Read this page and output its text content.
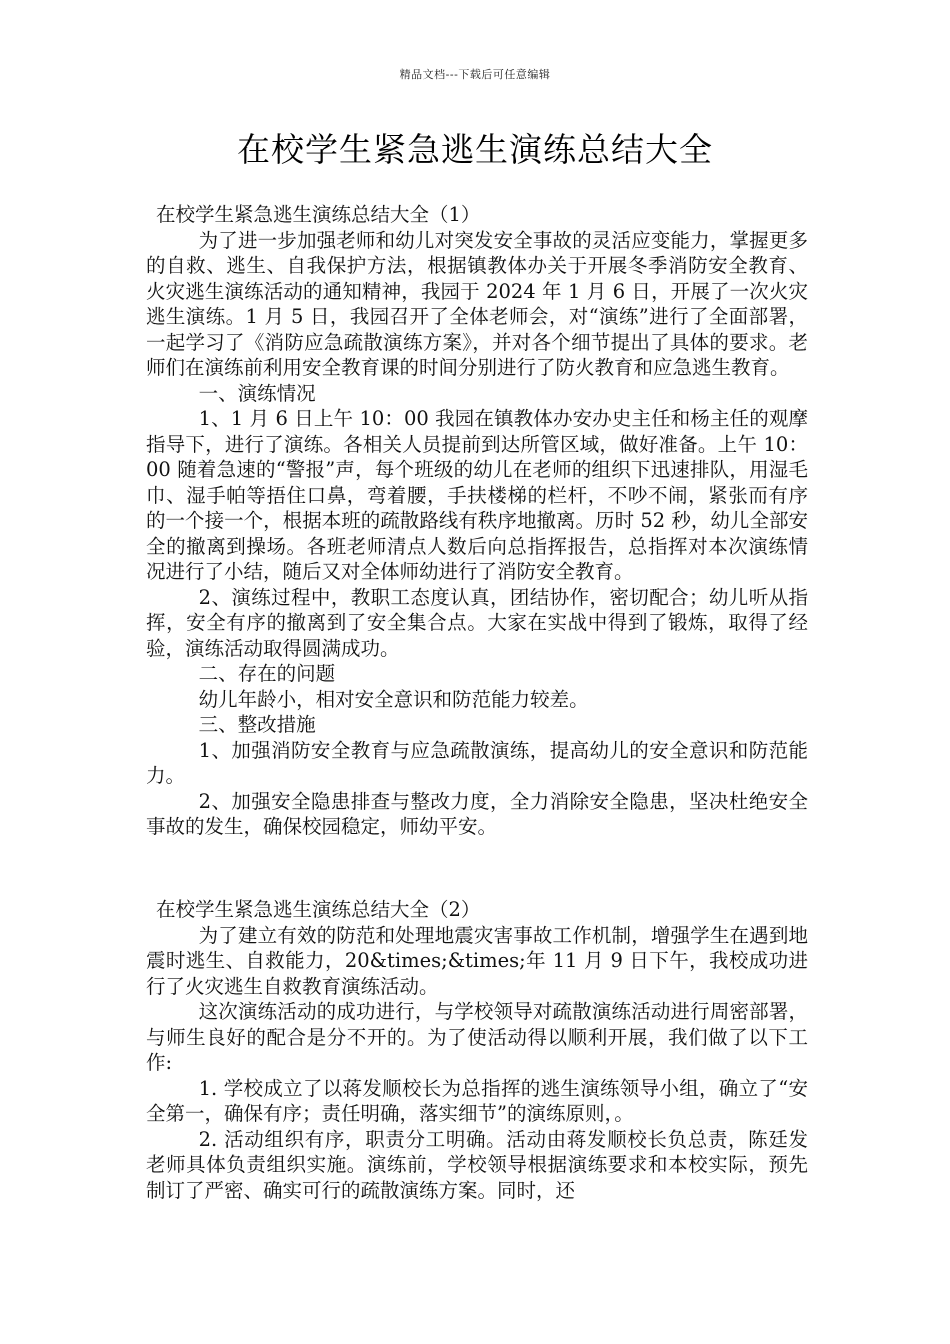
精品文档---下载后可任意编辑
在校学生紧急逃生演练总结大全

在校学生紧急逃生演练总结大全（1）

为了进一步加强老师和幼儿对突发安全事故的灵活应变能力，掌握更多的自救、逃生、自我保护方法，根据镇教体办关于开展冬季消防安全教育、火灾逃生演练活动的通知精神，我园于 2024 年 1 月 6 日，开展了一次火灾逃生演练。1 月 5 日，我园召开了全体老师会，对“演练”进行了全面部署，一起学习了《消防应急疏散演练方案》，并对各个细节提出了具体的要求。老师们在演练前利用安全教育课的时间分别进行了防火教育和应急逃生教育。

一、演练情况

1、1 月 6 日上午 10：00 我园在镇教体办安办史主任和杨主任的观摩指导下，进行了演练。各相关人员提前到达所管区域，做好准备。上午 10：00 随着急速的“警报”声，每个班级的幼儿在老师的组织下迅速排队，用湿毛巾、湿手帕等捂住口鼻，弯着腰，手扶楼梯的栏杆，不吵不闹，紧张而有序的一个接一个，根据本班的疏散路线有秩序地撤离。历时 52 秒，幼儿全部安全的撤离到操场。各班老师清点人数后向总指挥报告，总指挥对本次演练情况进行了小结，随后又对全体师幼进行了消防安全教育。

2、演练过程中，教职工态度认真，团结协作，密切配合；幼儿听从指挥，安全有序的撤离到了安全集合点。大家在实战中得到了锻炼，取得了经验，演练活动取得圆满成功。

二、存在的问题

幼儿年龄小，相对安全意识和防范能力较差。

三、整改措施

1、加强消防安全教育与应急疏散演练，提高幼儿的安全意识和防范能力。

2、加强安全隐患排查与整改力度，全力消除安全隐患，坚决杜绝安全事故的发生，确保校园稳定，师幼平安。

在校学生紧急逃生演练总结大全（2）

为了建立有效的防范和处理地震灾害事故工作机制，增强学生在遇到地震时逃生、自救能力，20&times;&times;年 11 月 9 日下午，我校成功进行了火灾逃生自救教育演练活动。

这次演练活动的成功进行，与学校领导对疏散演练活动进行周密部署，与师生良好的配合是分不开的。为了使活动得以顺利开展，我们做了以下工作:

1. 学校成立了以蒋发顺校长为总指挥的逃生演练领导小组，确立了“安全第一，确保有序；责任明确，落实细节”的演练原则，。

2. 活动组织有序，职责分工明确。活动由蒋发顺校长负总责，陈廷发老师具体负责组织实施。演练前，学校领导根据演练要求和本校实际，预先制订了严密、确实可行的疏散演练方案。同时，还
